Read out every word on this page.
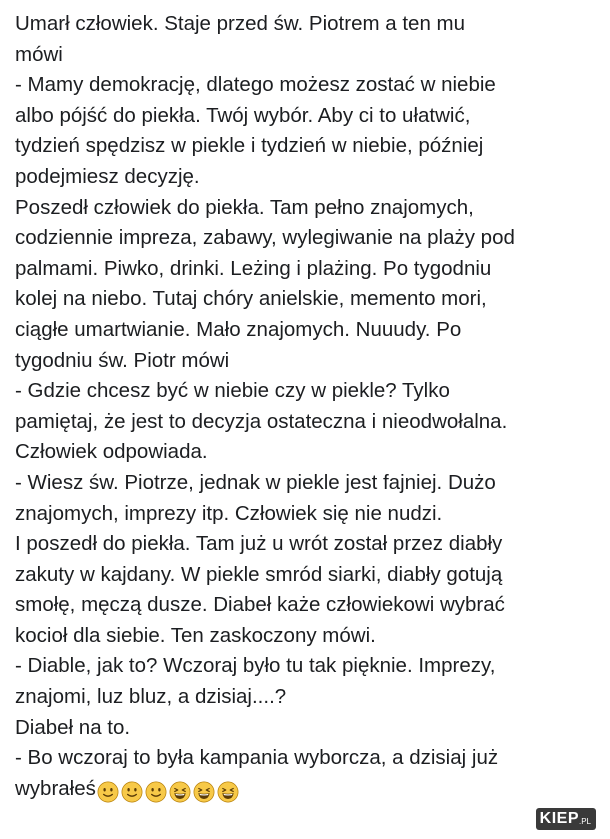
Umarł człowiek. Staje przed św. Piotrem a ten mu
mówi
- Mamy demokrację, dlatego możesz zostać w niebie
albo pójść do piekła. Twój wybór. Aby ci to ułatwić,
tydzień spędzisz w piekle i tydzień w niebie, później
podejmiesz decyzję.
Poszedł człowiek do piekła. Tam pełno znajomych,
codziennie impreza, zabawy, wylegiwanie na plaży pod
palmami. Piwko, drinki. Leżing i plażing. Po tygodniu
kolej na niebo. Tutaj chóry anielskie, memento mori,
ciągłe umartwianie. Mało znajomych. Nuuudy. Po
tygodniu św. Piotr mówi
- Gdzie chcesz być w niebie czy w piekle? Tylko
pamiętaj, że jest to decyzja ostateczna i nieodwołalna.
Człowiek odpowiada.
- Wiesz św. Piotrze, jednak w piekle jest fajniej. Dużo
znajomych, imprezy itp. Człowiek się nie nudzi.
I poszedł do piekła. Tam już u wrót został przez diabły
zakuty w kajdany. W piekle smród siarki, diabły gotują
smołę, męczą dusze. Diabeł każe człowiekowi wybrać
kocioł dla siebie. Ten zaskoczony mówi.
- Diable, jak to? Wczoraj było tu tak pięknie. Imprezy,
znajomi, luz bluz, a dzisiaj....?
Diabeł na to.
- Bo wczoraj to była kampania wyborcza, a dzisiaj już
wybrałeś
KIEP.PL
